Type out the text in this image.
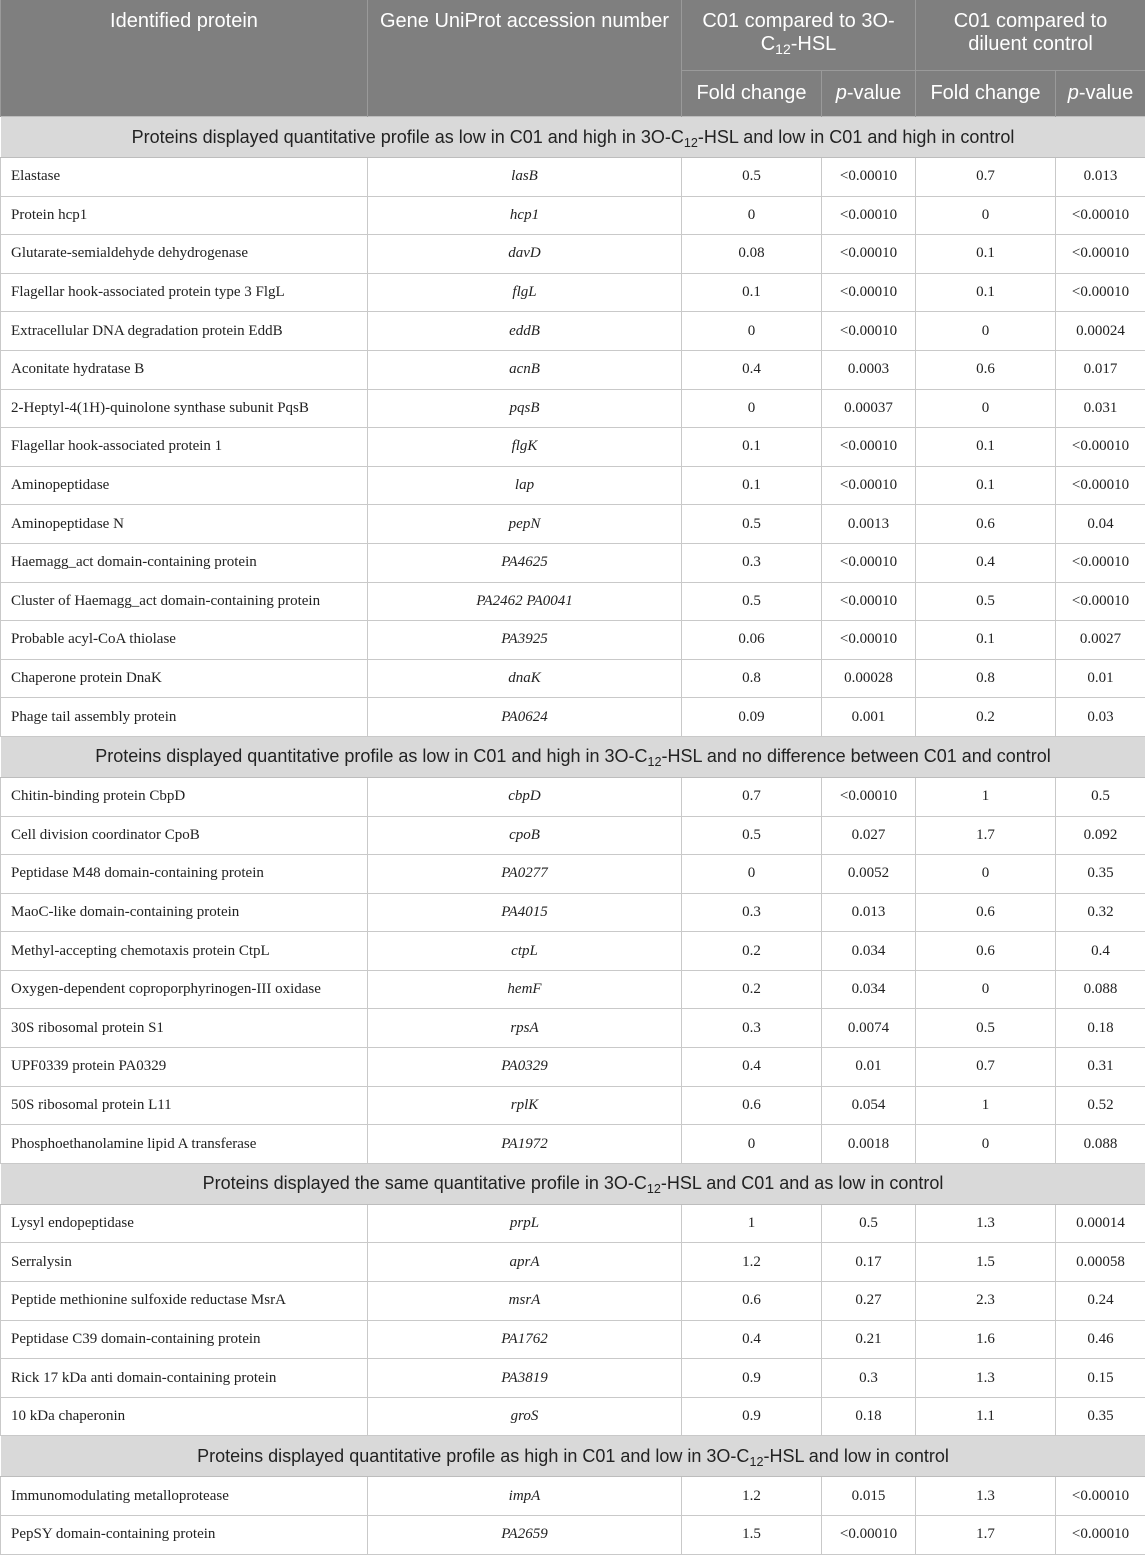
Identified protein	Gene UniProt accession number	C01 compared to $3O-C_{12}$-HSL		C01 compared to diluent control	
		Fold change	p-value	Fold change	p-value
Proteins displayed quantitative profile as low in C01 and high in $3O-C_{12}$-HSL and low in C01 and high in control					
Elastase	lasB	0.5	<0.00010	0.7	0.013
Protein hcp1	hcp1	0	<0.00010	0	<0.00010
Glutarate-semialdehyde dehydrogenase	davD	0.08	<0.00010	0.1	<0.00010
Flagellar hook-associated protein type 3 FlgL	flgL	0.1	<0.00010	0.1	<0.00010
Extracellular DNA degradation protein EddB	eddB	0	<0.00010	0	0.00024
Aconitate hydratase B	acnB	0.4	0.0003	0.6	0.017
2-Heptyl-4(1H)-quinolone synthase subunit PqsB	pqsB	0	0.00037	0	0.031
Flagellar hook-associated protein 1	flgK	0.1	<0.00010	0.1	<0.00010
Aminopeptidase	lap	0.1	<0.00010	0.1	<0.00010
Aminopeptidase N	pepN	0.5	0.0013	0.6	0.04
Haemagg_act domain-containing protein	PA4625	0.3	<0.00010	0.4	<0.00010
Cluster of Haemagg_act domain-containing protein	PA2462 PA0041	0.5	<0.00010	0.5	<0.00010
Probable acyl-CoA thiolase	PA3925	0.06	<0.00010	0.1	0.0027
Chaperone protein DnaK	dnaK	0.8	0.00028	0.8	0.01
Phage tail assembly protein	PA0624	0.09	0.001	0.2	0.03
Proteins displayed quantitative profile as low in C01 and high in $3O-C_{12}$-HSL and no difference between C01 and control					
Chitin-binding protein CbpD	cbpD	0.7	<0.00010	1	0.5
Cell division coordinator CpoB	cpoB	0.5	0.027	1.7	0.092
Peptidase M48 domain-containing protein	PA0277	0	0.0052	0	0.35
MaoC-like domain-containing protein	PA4015	0.3	0.013	0.6	0.32
Methyl-accepting chemotaxis protein CtpL	ctpL	0.2	0.034	0.6	0.4
Oxygen-dependent coproporphyrinogen-III oxidase	hemF	0.2	0.034	0	0.088
30S ribosomal protein S1	rpsA	0.3	0.0074	0.5	0.18
UPF0339 protein PA0329	PA0329	0.4	0.01	0.7	0.31
50S ribosomal protein L11	rplK	0.6	0.054	1	0.52
Phosphoethanolamine lipid A transferase	PA1972	0	0.0018	0	0.088
Proteins displayed the same quantitative profile in $3O-C_{12}$-HSL and C01 and as low in control					
Lysyl endopeptidase	prpL	1	0.5	1.3	0.00014
Serralysin	aprA	1.2	0.17	1.5	0.00058
Peptide methionine sulfoxide reductase MsrA	msrA	0.6	0.27	2.3	0.24
Peptidase C39 domain-containing protein	PA1762	0.4	0.21	1.6	0.46
Rick 17 kDa anti domain-containing protein	PA3819	0.9	0.3	1.3	0.15
10 kDa chaperonin	groS	0.9	0.18	1.1	0.35
Proteins displayed quantitative profile as high in C01 and low in $3O-C_{12}$-HSL and low in control					
Immunomodulating metalloprotease	impA	1.2	0.015	1.3	<0.00010
PepSY domain-containing protein	PA2659	1.5	<0.00010	1.7	<0.00010
